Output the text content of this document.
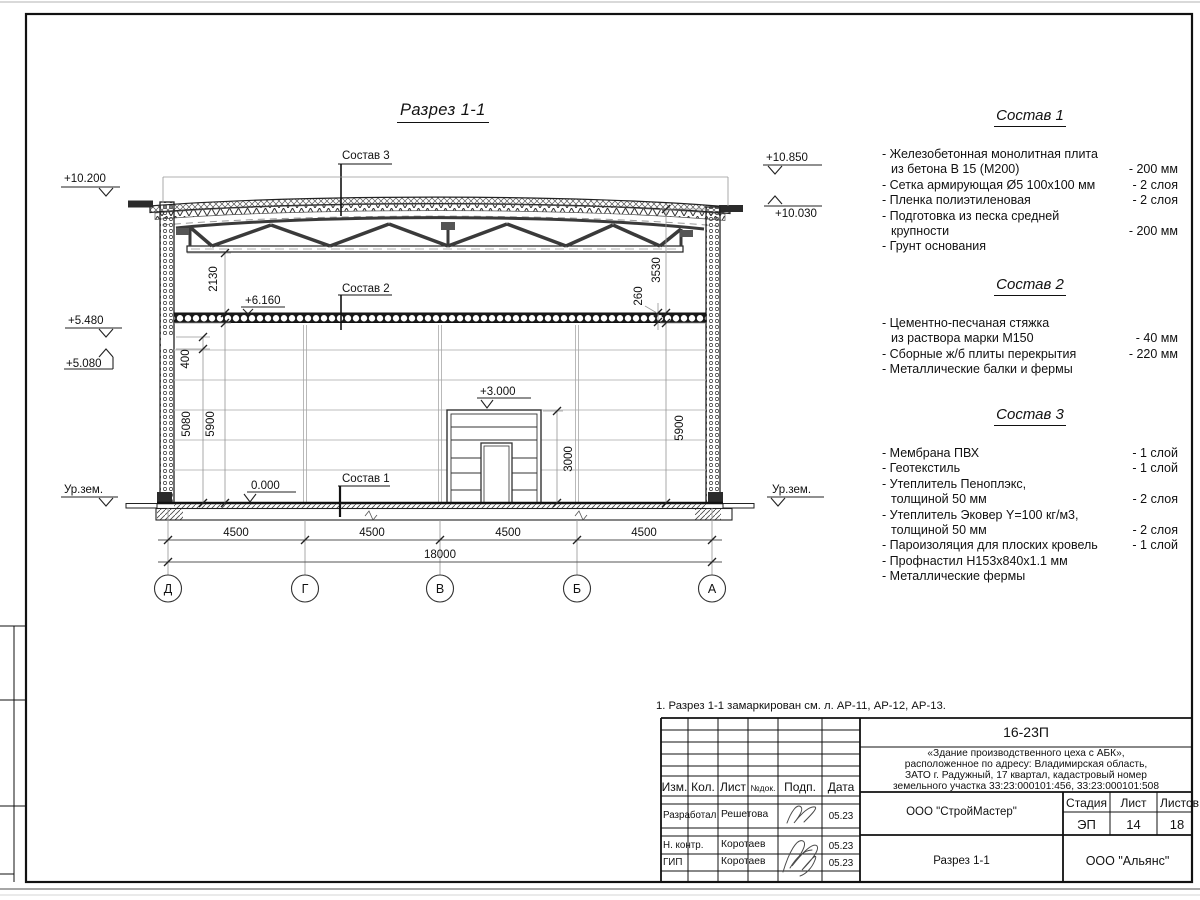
Разрез 1-1
Состав 3
Состав 2
Состав 1
+10.200
+5.480
+5.080
Ур.зем.
+10.850
+10.030
Ур.зем.
+6.160
0.000
+3.000
2130
400
5080 5900
3530
260
5900
3000
4500	4500	4500	4500
18000
Д	Г	В	Б	А
Состав 1
- Железобетонная монолитная плита
из бетона В 15 (М200)	- 200 мм
- Сетка армирующая Ø5 100х100 мм	- 2 слоя
- Пленка полиэтиленовая	- 2 слоя
- Подготовка из песка средней
крупности	- 200 мм
- Грунт основания
Состав 2
- Цементно-песчаная стяжка
из раствора марки М150	- 40 мм
- Сборные ж/б плиты перекрытия	- 220 мм
- Металлические балки и фермы
Состав 3
- Мембрана ПВХ	- 1 слой
- Геотекстиль	- 1 слой
- Утеплитель Пеноплэкс,
толщиной 50 мм	- 2 слоя
- Утеплитель Эковер Y=100 кг/м3,
толщиной 50 мм	- 2 слоя
- Пароизоляция для плоских кровель	- 1 слой
- Профнастил Н153х840х1.1 мм
- Металлические фермы
1. Разрез 1-1 замаркирован см. л. АР-11, АР-12, АР-13.
Изм. Кол. Лист №док. Подп. Дата
Разработал Решетова	05.23
Н. контр. Коротаев	05.23
ГИП	Коротаев	05.23
16-23П
«Здание производственного цеха с АБК»,
расположенное по адресу: Владимирская область,
ЗАТО г. Радужный, 17 квартал, кадастровый номер
земельного участка 33:23:000101:456, 33:23:000101:508
ООО "СтройМастер"
Стадия	Лист	Листов
ЭП	14	18
Разрез 1-1	ООО "Альянс"
